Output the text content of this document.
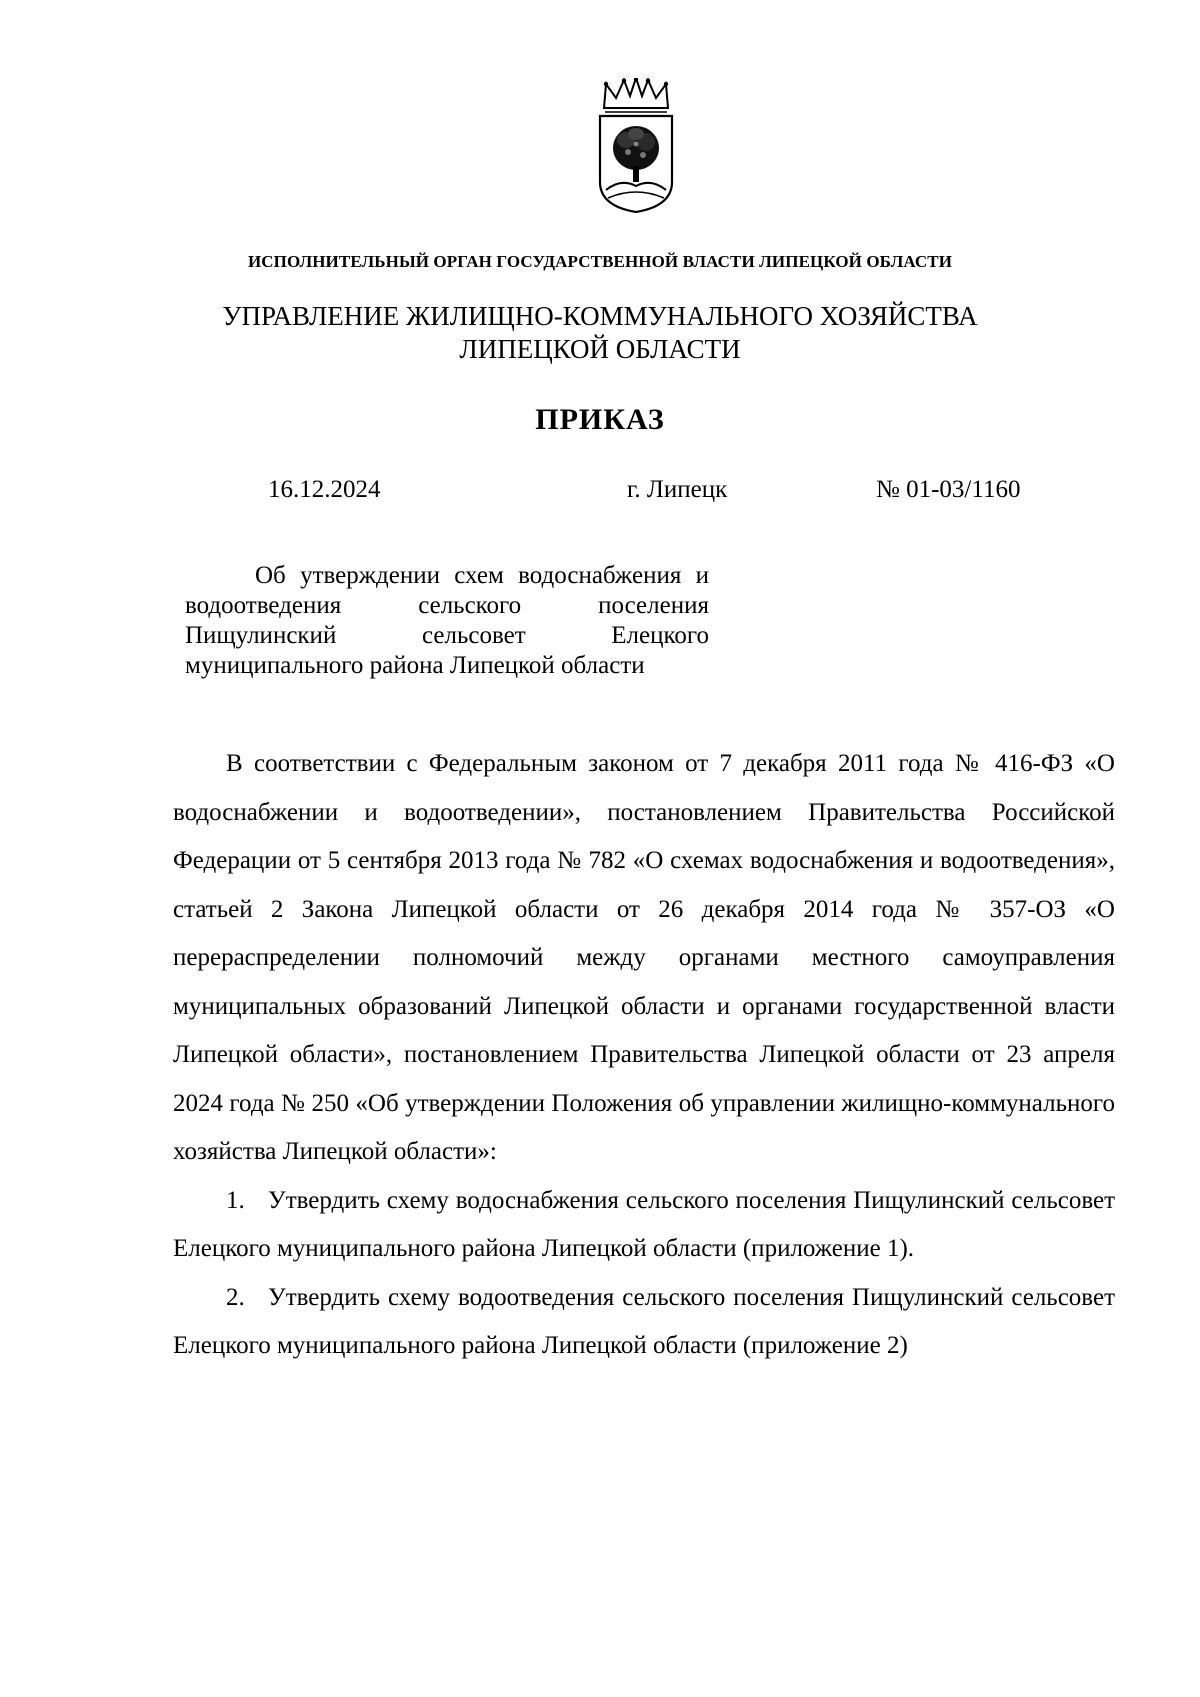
ИСПОЛНИТЕЛЬНЫЙ ОРГАН ГОСУДАРСТВЕННОЙ ВЛАСТИ ЛИПЕЦКОЙ ОБЛАСТИ
УПРАВЛЕНИЕ ЖИЛИЩНО-КОММУНАЛЬНОГО ХОЗЯЙСТВА
ЛИПЕЦКОЙ ОБЛАСТИ
ПРИКАЗ
16.12.2024	г. Липецк	№ 01-03/1160
Об утверждении схем водоснабжения и водоотведения сельского поселения Пищулинский сельсовет Елецкого муниципального района Липецкой области

В соответствии с Федеральным законом от 7 декабря 2011 года № 416-ФЗ «О водоснабжении и водоотведении», постановлением Правительства Российской Федерации от 5 сентября 2013 года № 782 «О схемах водоснабжения и водоотведения», статьей 2 Закона Липецкой области от 26 декабря 2014 года № 357-ОЗ «О перераспределении полномочий между органами местного самоуправления муниципальных образований Липецкой области и органами государственной власти Липецкой области», постановлением Правительства Липецкой области от 23 апреля 2024 года № 250 «Об утверждении Положения об управлении жилищно-коммунального хозяйства Липецкой области»:

1. Утвердить схему водоснабжения сельского поселения Пищулинский сельсовет Елецкого муниципального района Липецкой области (приложение 1).

2. Утвердить схему водоотведения сельского поселения Пищулинский сельсовет Елецкого муниципального района Липецкой области (приложение 2)
